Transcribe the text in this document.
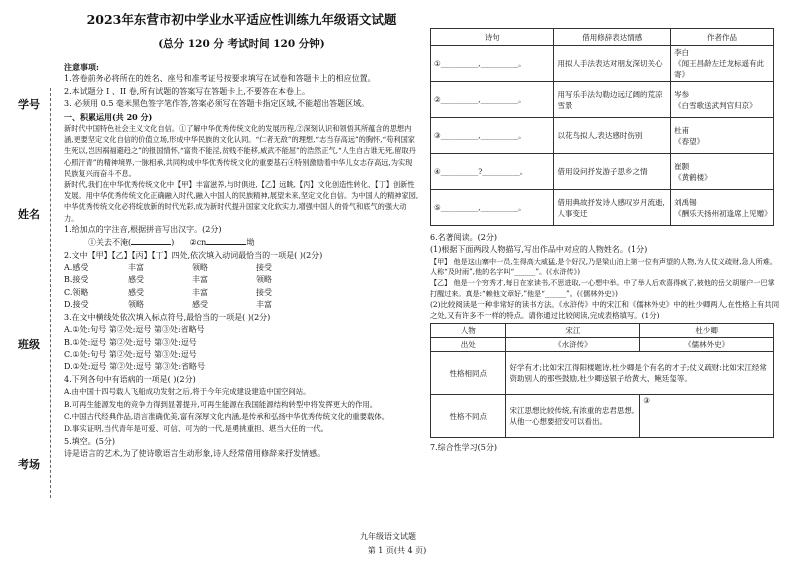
学号
姓名
班级
考场
2023年东营市初中学业水平适应性训练九年级语文试题
(总分 120 分 考试时间 120 分钟)
注意事项:
1.答卷前务必将所在的姓名、座号和准考证号按要求填写在试卷和答题卡上的相应位置。
2.本试题分 I 、II 卷,所有试题的答案写在答题卡上,不要答在本卷上。
3. 必须用 0.5 毫米黑色签字笔作答,答案必须写在答题卡指定区域,不能超出答题区域。
一、积累运用(共 20 分)
新时代中国特色社会主义文化自信。①了解中华优秀传统文化的发展历程,②深刻认识和领悟其所蕴含的思想内涵,更要坚定文化自信的价值立场,形成中华民族的文化认同。“仁者无敌”的理想,“志当存高远”的胸怀,“苟利国家生死以,岂因祸福避趋之”的报国情怀,“富贵不能淫,贫贱不能移,威武不能屈”的浩然正气,“人生自古谁无死,留取丹心照汗青”的精神境界,一脉相承,共同构成中华优秀传统文化的重要基石④特别激励着中华儿女志存高远,为实现民族复兴而奋斗不息。
新时代,我们在中华优秀传统文化中【甲】丰富滋养,与时俱进,【乙】远眺,【丙】文化创造性转化、【丁】创新性发展。用中华优秀传统文化正确融入时代,融入中国人的民族精神,展望未来,坚定文化自信。为中国人的精神家园,中华优秀传统文化必将绽放新的时代光彩,成为新时代提升国家文化软实力,增强中国人的骨气和底气的强大动力。
1.给加点的字注音,根据拼音写出汉字。(2分)
①关去不淹(	) ②cn	坳
2.文中【甲】【乙】【丙】【丁】四处,依次填入动词最恰当的一项是( )(2分)
A.感受	丰富	领略	接受
B.接受	感受	丰富	领略
C.领略	感受	丰富	接受
D.接受	领略	感受	丰富
3.在文中横线处依次填入标点符号,最恰当的一项是( )(2分)
A.①处:句号 第②处:逗号 第③处:省略号
B.①处:逗号 第②处:逗号 第③处:逗号
C.①处:句号 第②处:逗号 第③处:逗号
D.①处:逗号 第②处:逗号 第③处:省略号
4.下列各句中有语病的一项是( )(2分)
A.由中国十四号载人飞船成功发射之后,将于今年完成建设建造中国空间站。
B.可再生能源发电的竞争力得到显著提升,可再生能源在我国能源结构转型中将发挥更大的作用。
C.中国古代经典作品,语言准确优美,富有深厚文化内涵,是传承和弘扬中华优秀传统文化的重要载体。
D.事实证明,当代青年是可爱、可信、可为的一代,是勇挑重担、堪当大任的一代。
5.填空。(5分)
诗是语言的艺术,为了使诗歌语言生动形象,诗人经常借用修辞来抒发情感。
诗句	借用修辞表达情感	作者作品
①__________,__________。	用拟人手法表达对朋友深切关心	李白
《闻王昌龄左迁龙标遥有此寄》

②__________,__________。	用写乐手法勾勒边远辽阔的荒凉雪景	岑参
《白雪歌送武判官归京》

③__________,__________。	以花鸟拟人,表达感时伤别	杜甫
《春望》

④__________?__________。	借用设问抒发游子思乡之情	崔颢
《黄鹤楼》

⑤__________,__________。	借用典故抒发诗人感叹岁月流逝,人事变迁	刘禹锡
《酬乐天扬州初逢席上见赠》
6.名著阅读。(2分)
(1)根据下面两段人物描写,写出作品中对应的人物姓名。(1分)
【甲】 他是这山寨中一员,生得高大威猛,是个好汉,乃是梁山泊上第一位有声望的人物,为人仗义疏财,急人所难。人称“及时雨”,他的名字叫“______”。(《水浒传》)
【乙】 他是一个穷秀才,每日在家读书,不思进取,一心想中举。中了举人后欢喜得疯了,被他的岳父胡屠户一巴掌打醒过来。真是:“赖他文章好,”他是“______”。(《儒林外史》)
(2)比较阅读是一种非常好的读书方法。《水浒传》中的宋江和《儒林外史》中的杜少卿两人,在性格上有共同之处,又有许多不一样的特点。请你通过比较阅读,完成表格填写。(1分)
人物	宋江	杜少卿
出处	《水浒传》	《儒林外史》
性格相同点	好学有才;比如宋江得阳楼题诗,杜少卿是个有名的才子;仗义疏财:比如宋江经常资助别人的那些鼓励,杜少卿送银子给黄大、鲍廷玺等。	
性格不同点	宋江思想比较传统,有浓重的忠君思想,从他一心想要招安可以看出。	③
7.综合性学习(5分)
九年级语文试题
第 1 页(共 4 页)
